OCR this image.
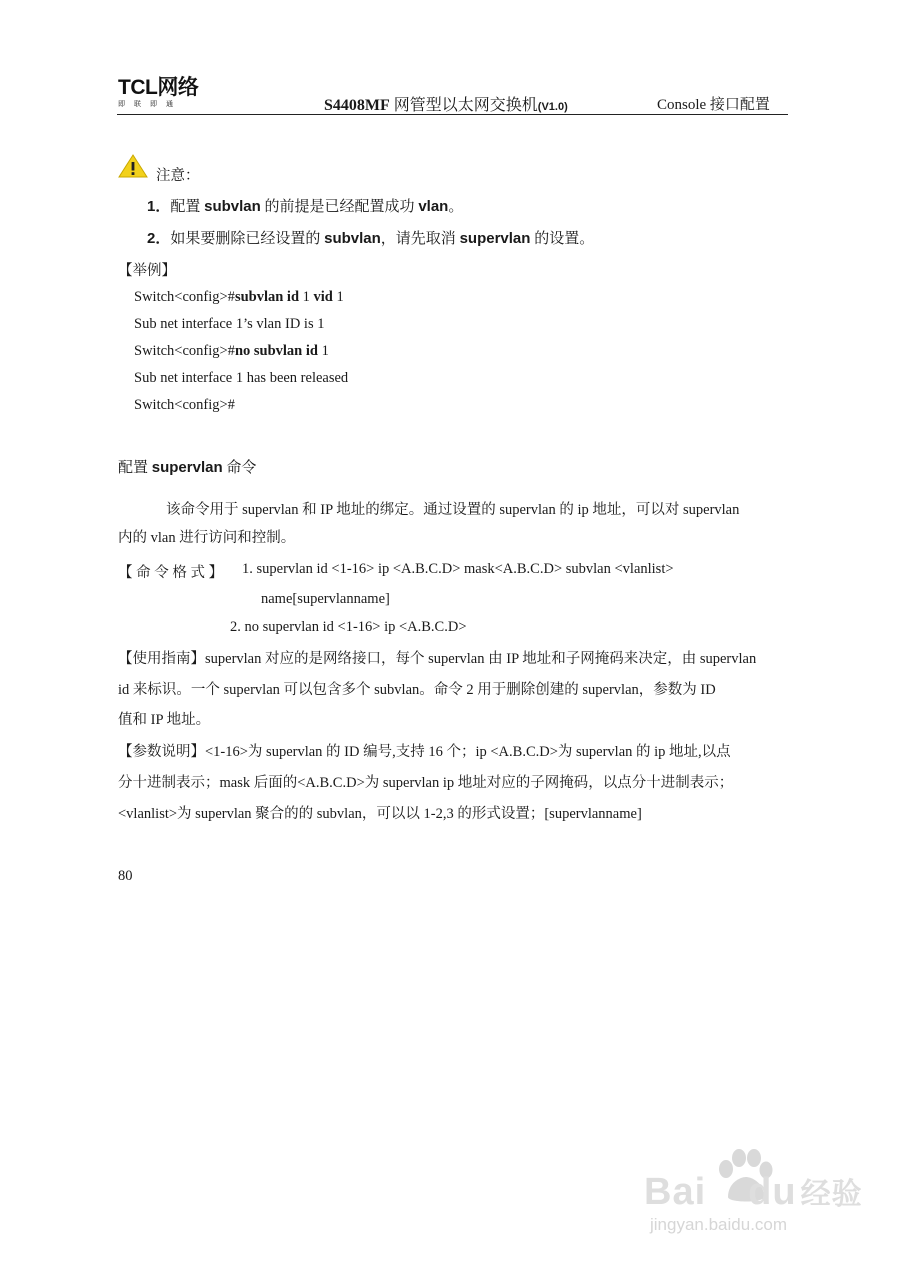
TCL网络
即联即通	S4408MF 网管型以太网交换机(V1.0)	Console 接口配置
注意：
1．配置 subvlan 的前提是已经配置成功 vlan。
2．如果要删除已经设置的 subvlan，请先取消 supervlan 的设置。
【举例】
Switch<config>#subvlan id 1 vid 1
Sub net interface 1’s vlan ID is 1
Switch<config>#no subvlan id 1
Sub net interface 1 has been released
Switch<config>#
配置 supervlan 命令
该命令用于 supervlan 和 IP 地址的绑定。通过设置的 supervlan 的 ip 地址，可以对 supervlan
内的 vlan 进行访问和控制。
【 命 令 格 式 】 1. supervlan id <1-16> ip <A.B.C.D> mask<A.B.C.D> subvlan <vlanlist>
name[supervlanname]
2. no supervlan id <1-16> ip <A.B.C.D>
【使用指南】supervlan 对应的是网络接口，每个 supervlan 由 IP 地址和子网掩码来决定，由 supervlan
id 来标识。一个 supervlan 可以包含多个 subvlan。命令 2 用于删除创建的 supervlan，参数为 ID
值和 IP 地址。
【参数说明】<1-16>为 supervlan 的 ID 编号,支持 16 个；ip <A.B.C.D>为 supervlan 的 ip 地址,以点
分十进制表示；mask 后面的<A.B.C.D>为 supervlan ip 地址对应的子网掩码，以点分十进制表示；
<vlanlist>为 supervlan 聚合的的 subvlan，可以以 1-2,3 的形式设置；[supervlanname]
80
Bai du 经验
jingyan.baidu.com
